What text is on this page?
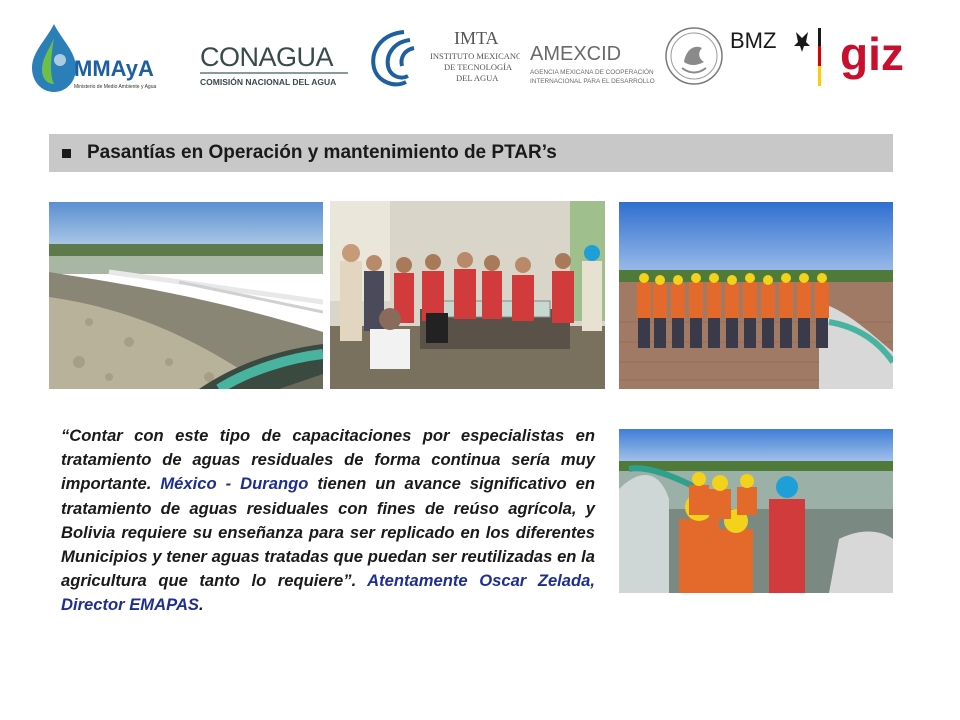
MMAyA
Ministerio de Medio Ambiente y Agua
CONAGUA
COMISIÓN NACIONAL DEL AGUA
IMTA
INSTITUTO MEXICANO
DE TECNOLOGÍA
DEL AGUA
AMEXCID
AGENCIA MEXICANA DE COOPERACIÓN
INTERNACIONAL PARA EL DESARROLLO
BMZ giz
Pasantías en Operación y mantenimiento de PTAR’s
“Contar con este tipo de capacitaciones por especialistas en tratamiento de aguas residuales de forma continua sería muy importante. México - Durango tienen un avance significativo en tratamiento de aguas residuales con fines de reúso agrícola, y Bolivia requiere su enseñanza para ser replicado en los diferentes Municipios y tener aguas tratadas que puedan ser reutilizadas en la agricultura que tanto lo requiere”. Atentamente Oscar Zelada, Director EMAPAS.
